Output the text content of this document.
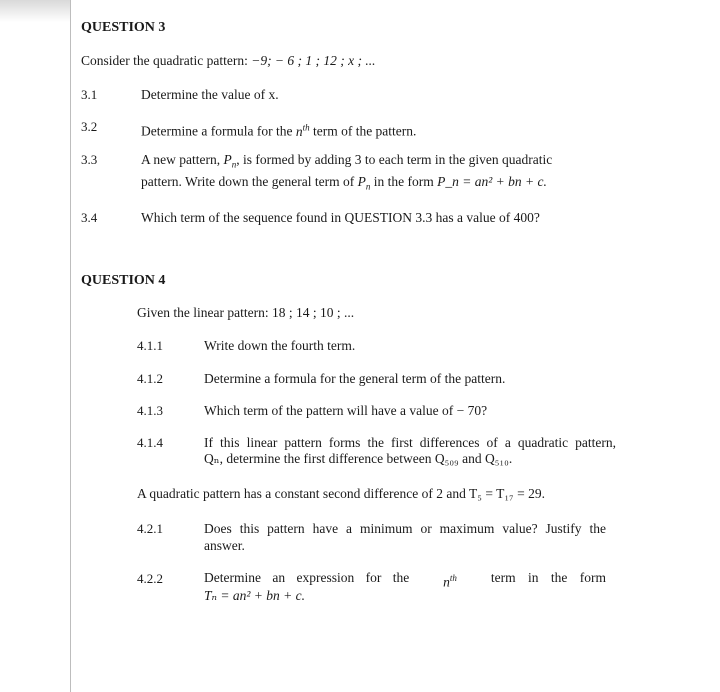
QUESTION 3
Consider the quadratic pattern: −9; − 6 ; 1 ; 12 ; x ; ...
3.1	Determine the value of x.
3.2	Determine a formula for the $n^{th}$ term of the pattern.
3.3	A new pattern, $P_n$, is formed by adding 3 to each term in the given quadratic
pattern. Write down the general term of $P_n$ in the form P_n = an² + bn + c.
3.4	Which term of the sequence found in QUESTION 3.3 has a value of 400?
QUESTION 4
Given the linear pattern: 18 ; 14 ; 10 ; ...
4.1.1	Write down the fourth term.
4.1.2	Determine a formula for the general term of the pattern.
4.1.3	Which term of the pattern will have a value of − 70?
4.1.4	If this linear pattern forms the first differences of a quadratic pattern,
Qₙ, determine the first difference between Q₅₀₉ and Q₅₁₀.
A quadratic pattern has a constant second difference of 2 and T₅ = T₁₇ = 29.
4.2.1	Does this pattern have a minimum or maximum value? Justify the
answer.
4.2.2	Determine an expression for the	$n^{th}$	term in the form
Tₙ = an² + bn + c.
